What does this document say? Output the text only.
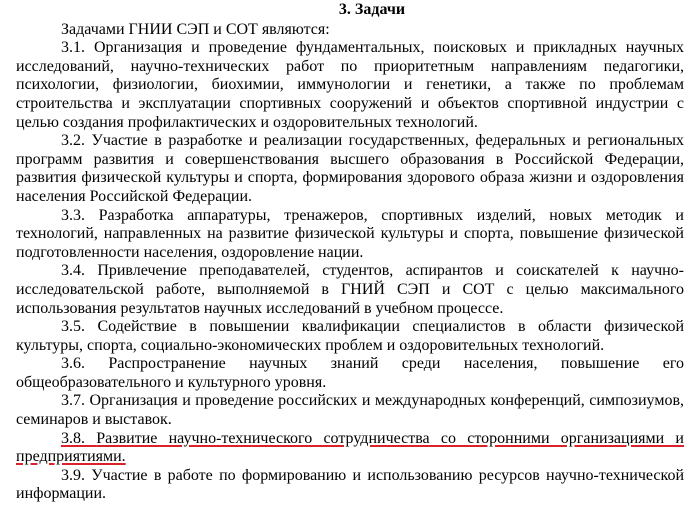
3. Задачи

Задачами ГНИИ СЭП и СОТ являются:

3.1. Организация и проведение фундаментальных, поисковых и прикладных научных исследований, научно-технических работ по приоритетным направлениям педагогики, психологии, физиологии, биохимии, иммунологии и генетики, а также по проблемам строительства и эксплуатации спортивных сооружений и объектов спортивной индустрии с целью создания профилактических и оздоровительных технологий.

3.2. Участие в разработке и реализации государственных, федеральных и региональных программ развития и совершенствования высшего образования в Российской Федерации, развития физической культуры и спорта, формирования здорового образа жизни и оздоровления населения Российской Федерации.

3.3. Разработка аппаратуры, тренажеров, спортивных изделий, новых методик и технологий, направленных на развитие физической культуры и спорта, повышение физической подготовленности населения, оздоровление нации.

3.4. Привлечение преподавателей, студентов, аспирантов и соискателей к научно-исследовательской работе, выполняемой в ГНИЙ СЭП и СОТ с целью максимального использования результатов научных исследований в учебном процессе.

3.5. Содействие в повышении квалификации специалистов в области физической культуры, спорта, социально-экономических проблем и оздоровительных технологий.

3.6. Распространение научных знаний среди населения, повышение его общеобразовательного и культурного уровня.

3.7. Организация и проведение российских и международных конференций, симпозиумов, семинаров и выставок.

3.8. Развитие научно-технического сотрудничества со сторонними организациями и предприятиями.

3.9. Участие в работе по формированию и использованию ресурсов научно-технической информации.
